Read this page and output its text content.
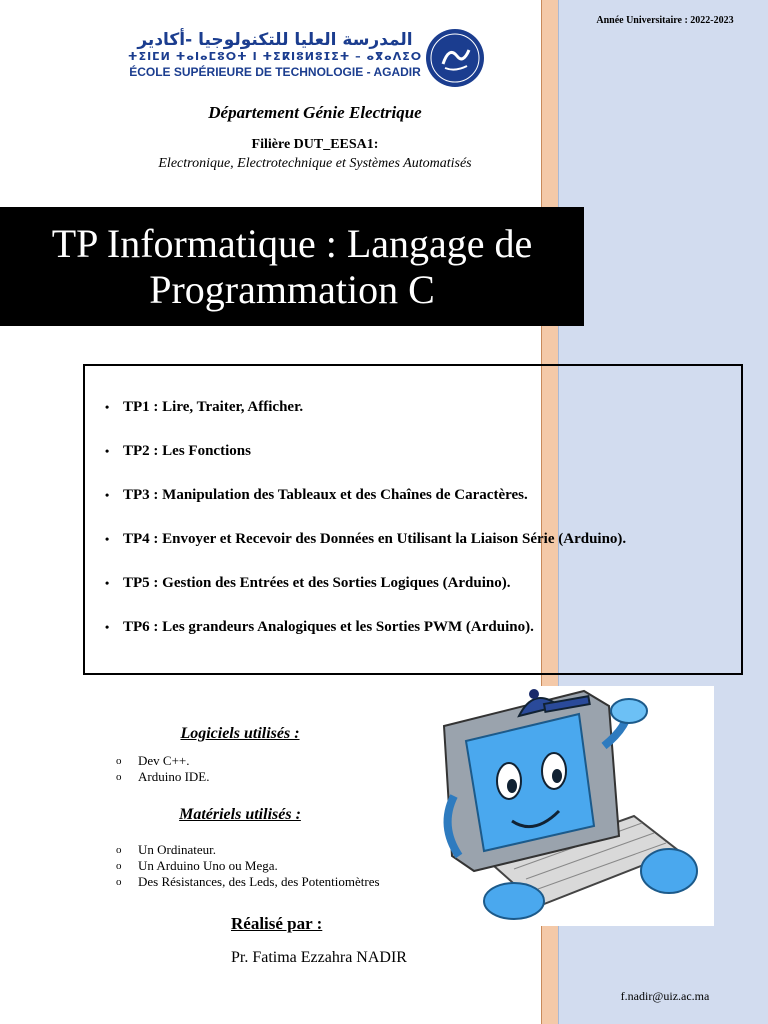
Année Universitaire : 2022-2023
f.nadir@uiz.ac.ma
المدرسة العليا للتكنولوجيا -أكادير
ⵜⵉⵏⵎⵍ ⵜⴰⵏⴰⵎⵓⵔⵜ ⵏ ⵜⵉⴽⵏⵓⵍⵓⵊⵉⵜ – ⴰⴳⴰⴷⵉⵔ
ÉCOLE SUPÉRIEURE DE TECHNOLOGIE - AGADIR
Département Génie Electrique
Filière DUT_EESA1:
Electronique, Electrotechnique et Systèmes Automatisés
TP Informatique : Langage de Programmation C
• TP1 : Lire, Traiter, Afficher.
• TP2 : Les Fonctions
• TP3 : Manipulation des Tableaux et des Chaînes de Caractères.
• TP4 : Envoyer et Recevoir des Données en Utilisant la Liaison Série (Arduino).
• TP5 : Gestion des Entrées et des Sorties Logiques (Arduino).
• TP6 : Les grandeurs Analogiques et les Sorties PWM (Arduino).
Logiciels utilisés :
o	Dev C++.
o	Arduino IDE.
Matériels utilisés :
o	Un Ordinateur.
o	Un Arduino Uno ou Mega.
o	Des Résistances, des Leds, des Potentiomètres
Réalisé par :
Pr. Fatima Ezzahra NADIR
